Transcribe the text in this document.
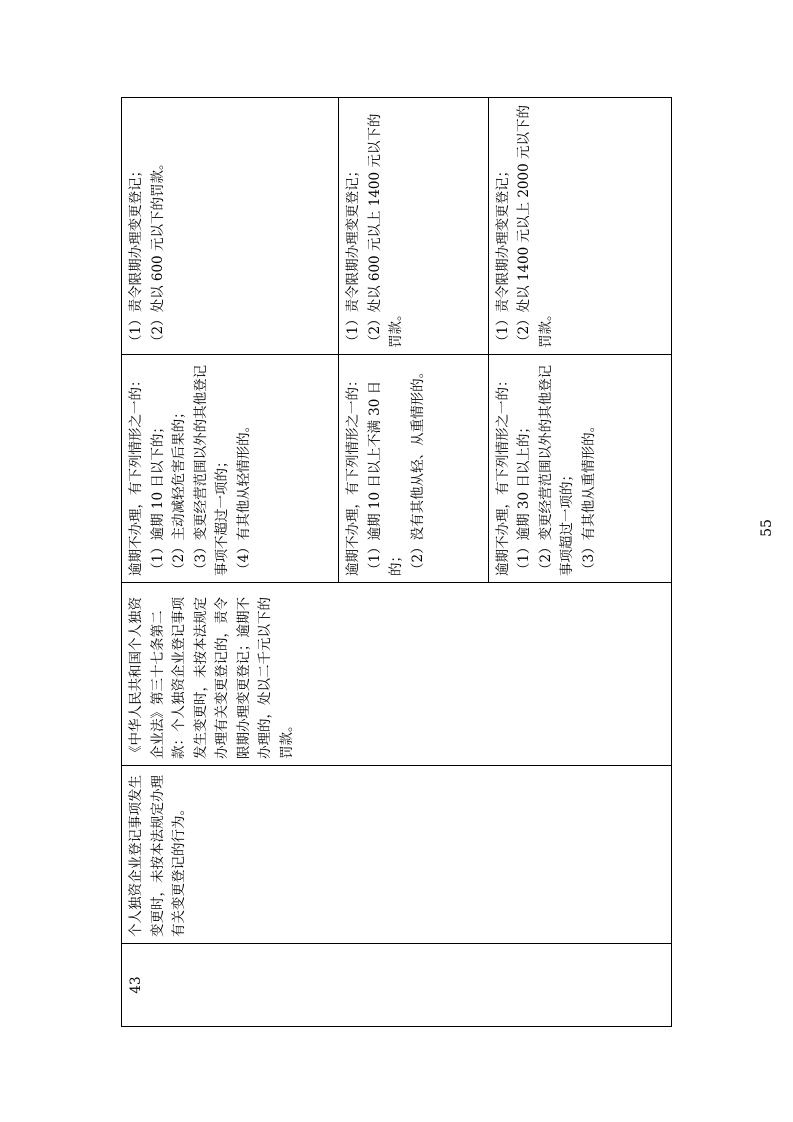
43	个人独资企业登记事项发生变更时，未按本法规定办理有关变更登记的行为。	《中华人民共和国个人独资企业法》第三十七条第二款：个人独资企业登记事项发生变更时，未按本法规定办理有关变更登记的，责令限期办理变更登记；逾期不办理的，处以二千元以下的罚款。	逾期不办理，有下列情形之一的： （1）逾期 10 日以下的； （2）主动减轻危害后果的； （3）变更经营范围以外的其他登记事项不超过一项的； （4）有其他从轻情形的。	（1）责令限期办理变更登记； （2）处以 600 元以下的罚款。

			逾期不办理，有下列情形之一的： （1）逾期 10 日以上不满 30 日的； （2）没有其他从轻、从重情形的。	（1）责令限期办理变更登记； （2）处以 600 元以上 1400 元以下的罚款。

			逾期不办理，有下列情形之一的： （1）逾期 30 日以上的； （2）变更经营范围以外的其他登记事项超过一项的； （3）有其他从重情形的。	（1）责令限期办理变更登记； （2）处以 1400 元以上 2000 元以下的罚款。
55
